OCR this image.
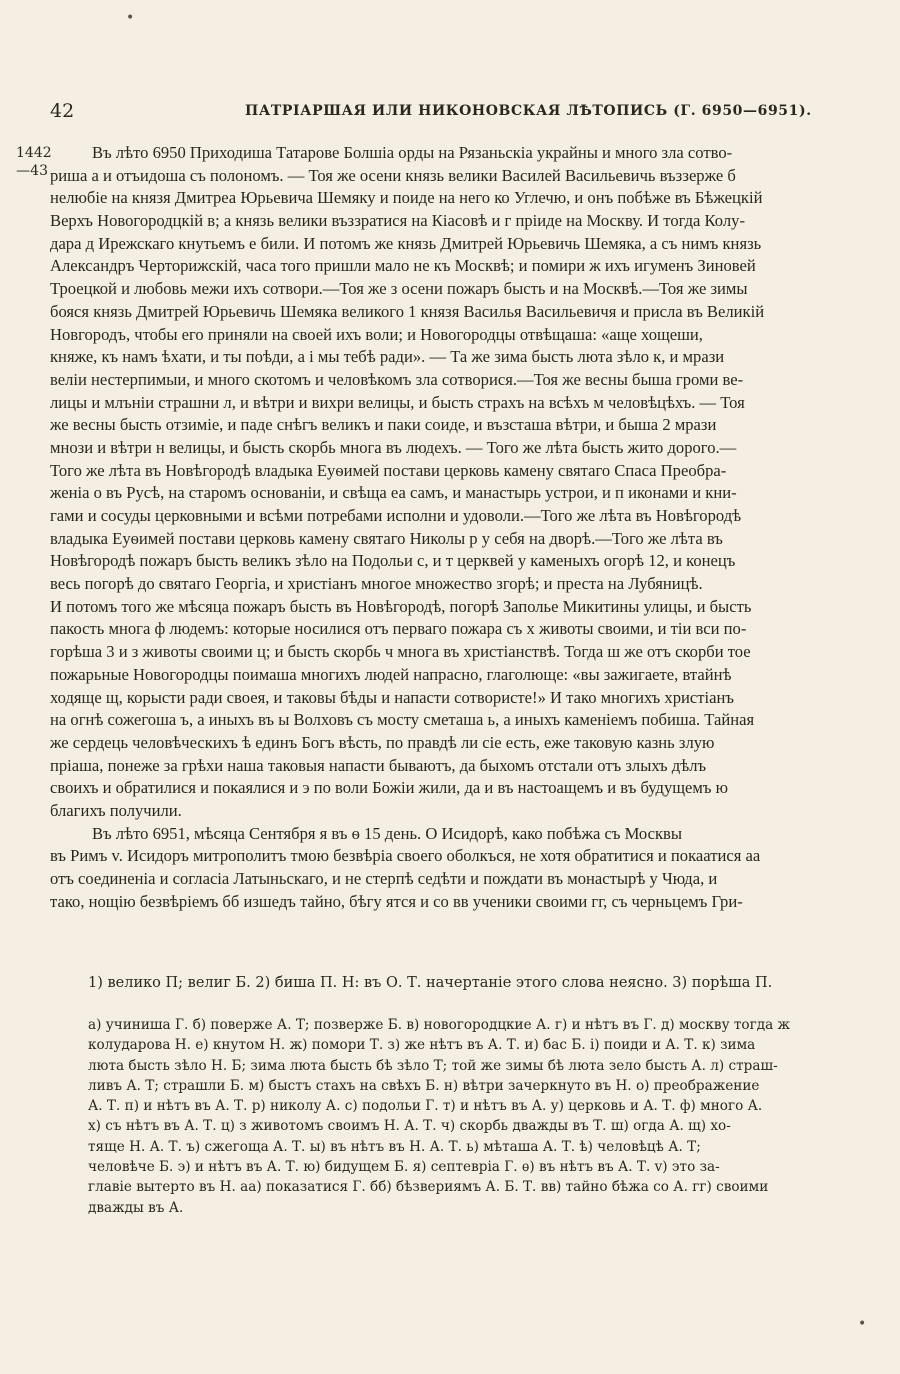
42	ПАТРІАРШАЯ ИЛИ НИКОНОВСКАЯ ЛѢТОПИСЬ (Г. 6950—6951).
1442
—43
Въ лѣто 6950 Приходиша Татарове Болшiа орды на Рязаньскiа украйны и много зла сотво-
риша а и отъидоша съ полономъ. — Тоя же осени князь велики Василей Васильевичь въззерже б
нелюбiе на князя Дмитреа Юрьевича Шемяку и поиде на него ко Углечю, и онъ побѣже въ Бѣжецкiй
Верхъ Новогородцкiй в; а князь велики въззратися на Кiасовѣ и г прiиде на Москву. И тогда Колу-
дара д Ирежскаго кнутьемъ е били. И потомъ же князь Дмитрей Юрьевичь Шемяка, а съ нимъ князь
Александръ Черторижскiй, часа того пришли мало не къ Москвѣ; и помири ж ихъ игуменъ Зиновей
Троецкой и любовь межи ихъ сотвори.—Тоя же з осени пожаръ бысть и на Москвѣ.—Тоя же зимы
бояся князь Дмитрей Юрьевичь Шемяка великого 1 князя Василья Васильевичя и присла въ Великiй
Новгородъ, чтобы его приняли на своей ихъ воли; и Новогородцы отвѣщаша: «аще хощеши,
княже, къ намъ ѣхати, и ты поѣди, а i мы тебѣ ради». — Та же зима бысть люта зѣло к, и мрази
велiи нестерпимыи, и много скотомъ и человѣкомъ зла сотворися.—Тоя же весны быша громи ве-
лицы и млънiи страшни л, и вѣтри и вихри велицы, и бысть страхъ на всѣхъ м человѣцѣхъ. — Тоя
же весны бысть отзимiе, и паде снѣгъ великъ и паки соиде, и възсташа вѣтри, и быша 2 мрази
мнози и вѣтри н велицы, и бысть скорбь многа въ людехъ. — Того же лѣта бысть жито дорого.—
Того же лѣта въ Новѣгородѣ владыка Еуѳимей постави церковь камену святаго Спаса Преобра-
женiа о въ Русѣ, на старомъ основанiи, и свѣща еа самъ, и манастырь устрои, и п иконами и кни-
гами и сосуды церковными и всѣми потребами исполни и удоволи.—Того же лѣта въ Новѣгородѣ
владыка Еуѳимей постави церковь камену святаго Николы р у себя на дворѣ.—Того же лѣта въ
Новѣгородѣ пожаръ бысть великъ зѣло на Подольи с, и т церквей у каменыхъ огорѣ 12, и конецъ
весь погорѣ до святаго Георгiа, и христiанъ многое множество згорѣ; и преста на Лубяницѣ.
И потомъ того же мѣсяца пожаръ бысть въ Новѣгородѣ, погорѣ Заполье Микитины улицы, и бысть
пакость многа ф людемъ: которые носилися отъ перваго пожара съ х животы своими, и тiи вси по-
горѣша 3 и з животы своими ц; и бысть скорбь ч многа въ христiанствѣ. Тогда ш же отъ скорби тое
пожарьные Новогородцы поимаша многихъ людей напрасно, глаголюще: «вы зажигаете, втайнѣ
ходяще щ, корысти ради своея, и таковы бѣды и напасти сотвористе!» И тако многихъ христiанъ
на огнѣ сожегоша ъ, а иныхъ въ ы Волховъ съ мосту сметаша ь, а иныхъ каменiемъ побиша. Тайная
же сердець человѣческихъ ѣ единъ Богъ вѣсть, по правдѣ ли сiе есть, еже таковую казнь злую
прiаша, понеже за грѣхи наша таковыя напасти бываютъ, да быхомъ отстали отъ злыхъ дѣлъ
своихъ и обратилися и покаялися и э по воли Божiи жили, да и въ настоащемъ и въ будущемъ ю
благихъ получили.
Въ лѣто 6951, мѣсяца Сентября я въ ѳ 15 день. О Исидорѣ, како побѣжа съ Москвы
въ Римъ v. Исидоръ митрополитъ тмою безвѣрiа своего оболкъся, не хотя обратитися и покаатися аа
отъ соединенiа и согласiа Латыньскаго, и не стерпѣ седѣти и пождати въ монастырѣ у Чюда, и
тако, нощiю безвѣрiемъ бб изшедъ тайно, бѣгу ятся и со вв ученики своими гг, съ черньцемъ Гри-
1) велико П; велиг Б. 2) биша П. Н: въ О. Т. начертанiе этого слова неясно. 3) порѣша П.
а) учиниша Г. б) поверже А. Т; позверже Б. в) новогородцкие А. г) и нѣтъ въ Г. д) москву тогда ж
колударова Н. е) кнутом Н. ж) помори Т. з) же нѣтъ въ А. Т. и) бас Б. i) поиди и А. Т. к) зима
люта бысть зѣло Н. Б; зима люта бысть бѣ зѣло Т; той же зимы бѣ люта зело бысть А. л) страш-
ливъ А. Т; страшли Б. м) быстъ стахъ на свѣхъ Б. н) вѣтри зачеркнуто въ Н. о) преображение
А. Т. п) и нѣтъ въ А. Т. р) николу А. с) подольи Г. т) и нѣтъ въ А. у) церковь и А. Т. ф) много А.
х) съ нѣтъ въ А. Т. ц) з животомъ своимъ Н. А. Т. ч) скорбь дважды въ Т. ш) огда А. щ) хо-
тяще Н. А. Т. ъ) сжегоща А. Т. ы) въ нѣтъ въ Н. А. Т. ь) мѣташа А. Т. ѣ) человѣцѣ А. Т;
человѣче Б. э) и нѣтъ въ А. Т. ю) бидущем Б. я) септеврiа Г. ѳ) въ нѣтъ въ А. Т. v) это за-
главiе вытерто въ Н. аа) показатися Г. бб) бѣзвериямъ А. Б. Т. вв) тайно бѣжа со А. гг) своими
дважды въ А.
•
•
